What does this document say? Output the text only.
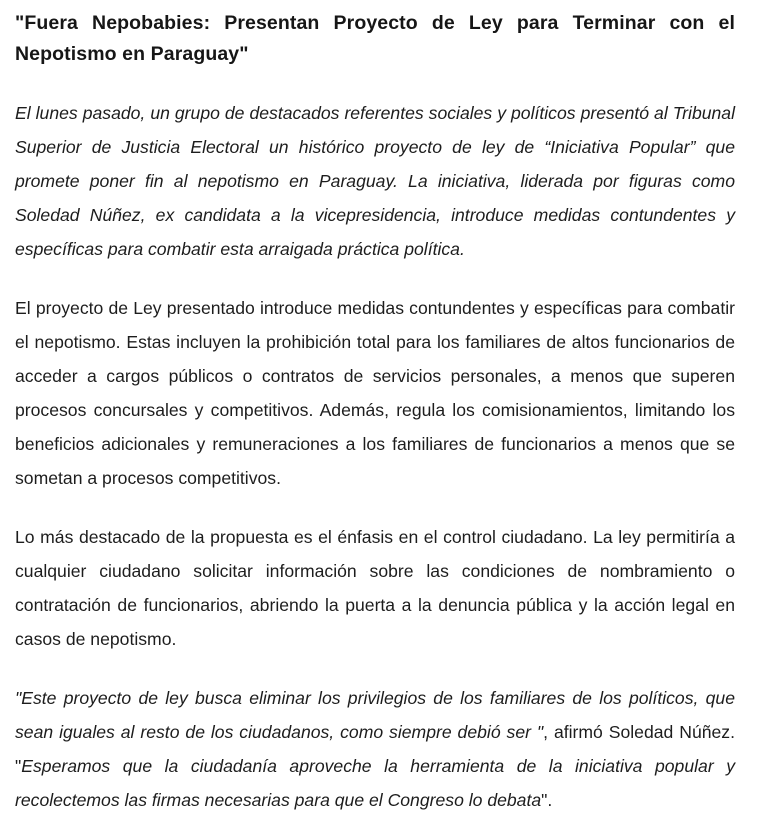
"Fuera Nepobabies: Presentan Proyecto de Ley para Terminar con el Nepotismo en Paraguay"

El lunes pasado, un grupo de destacados referentes sociales y políticos presentó al Tribunal Superior de Justicia Electoral un histórico proyecto de ley de “Iniciativa Popular” que promete poner fin al nepotismo en Paraguay. La iniciativa, liderada por figuras como Soledad Núñez, ex candidata a la vicepresidencia, introduce medidas contundentes y específicas para combatir esta arraigada práctica política.

El proyecto de Ley presentado introduce medidas contundentes y específicas para combatir el nepotismo. Estas incluyen la prohibición total para los familiares de altos funcionarios de acceder a cargos públicos o contratos de servicios personales, a menos que superen procesos concursales y competitivos. Además, regula los comisionamientos, limitando los beneficios adicionales y remuneraciones a los familiares de funcionarios a menos que se sometan a procesos competitivos.

Lo más destacado de la propuesta es el énfasis en el control ciudadano. La ley permitiría a cualquier ciudadano solicitar información sobre las condiciones de nombramiento o contratación de funcionarios, abriendo la puerta a la denuncia pública y la acción legal en casos de nepotismo.

"Este proyecto de ley busca eliminar los privilegios de los familiares de los políticos, que sean iguales al resto de los ciudadanos, como siempre debió ser ", afirmó Soledad Núñez. "Esperamos que la ciudadanía aproveche la herramienta de la iniciativa popular y recolectemos las firmas necesarias para que el Congreso lo debata".
